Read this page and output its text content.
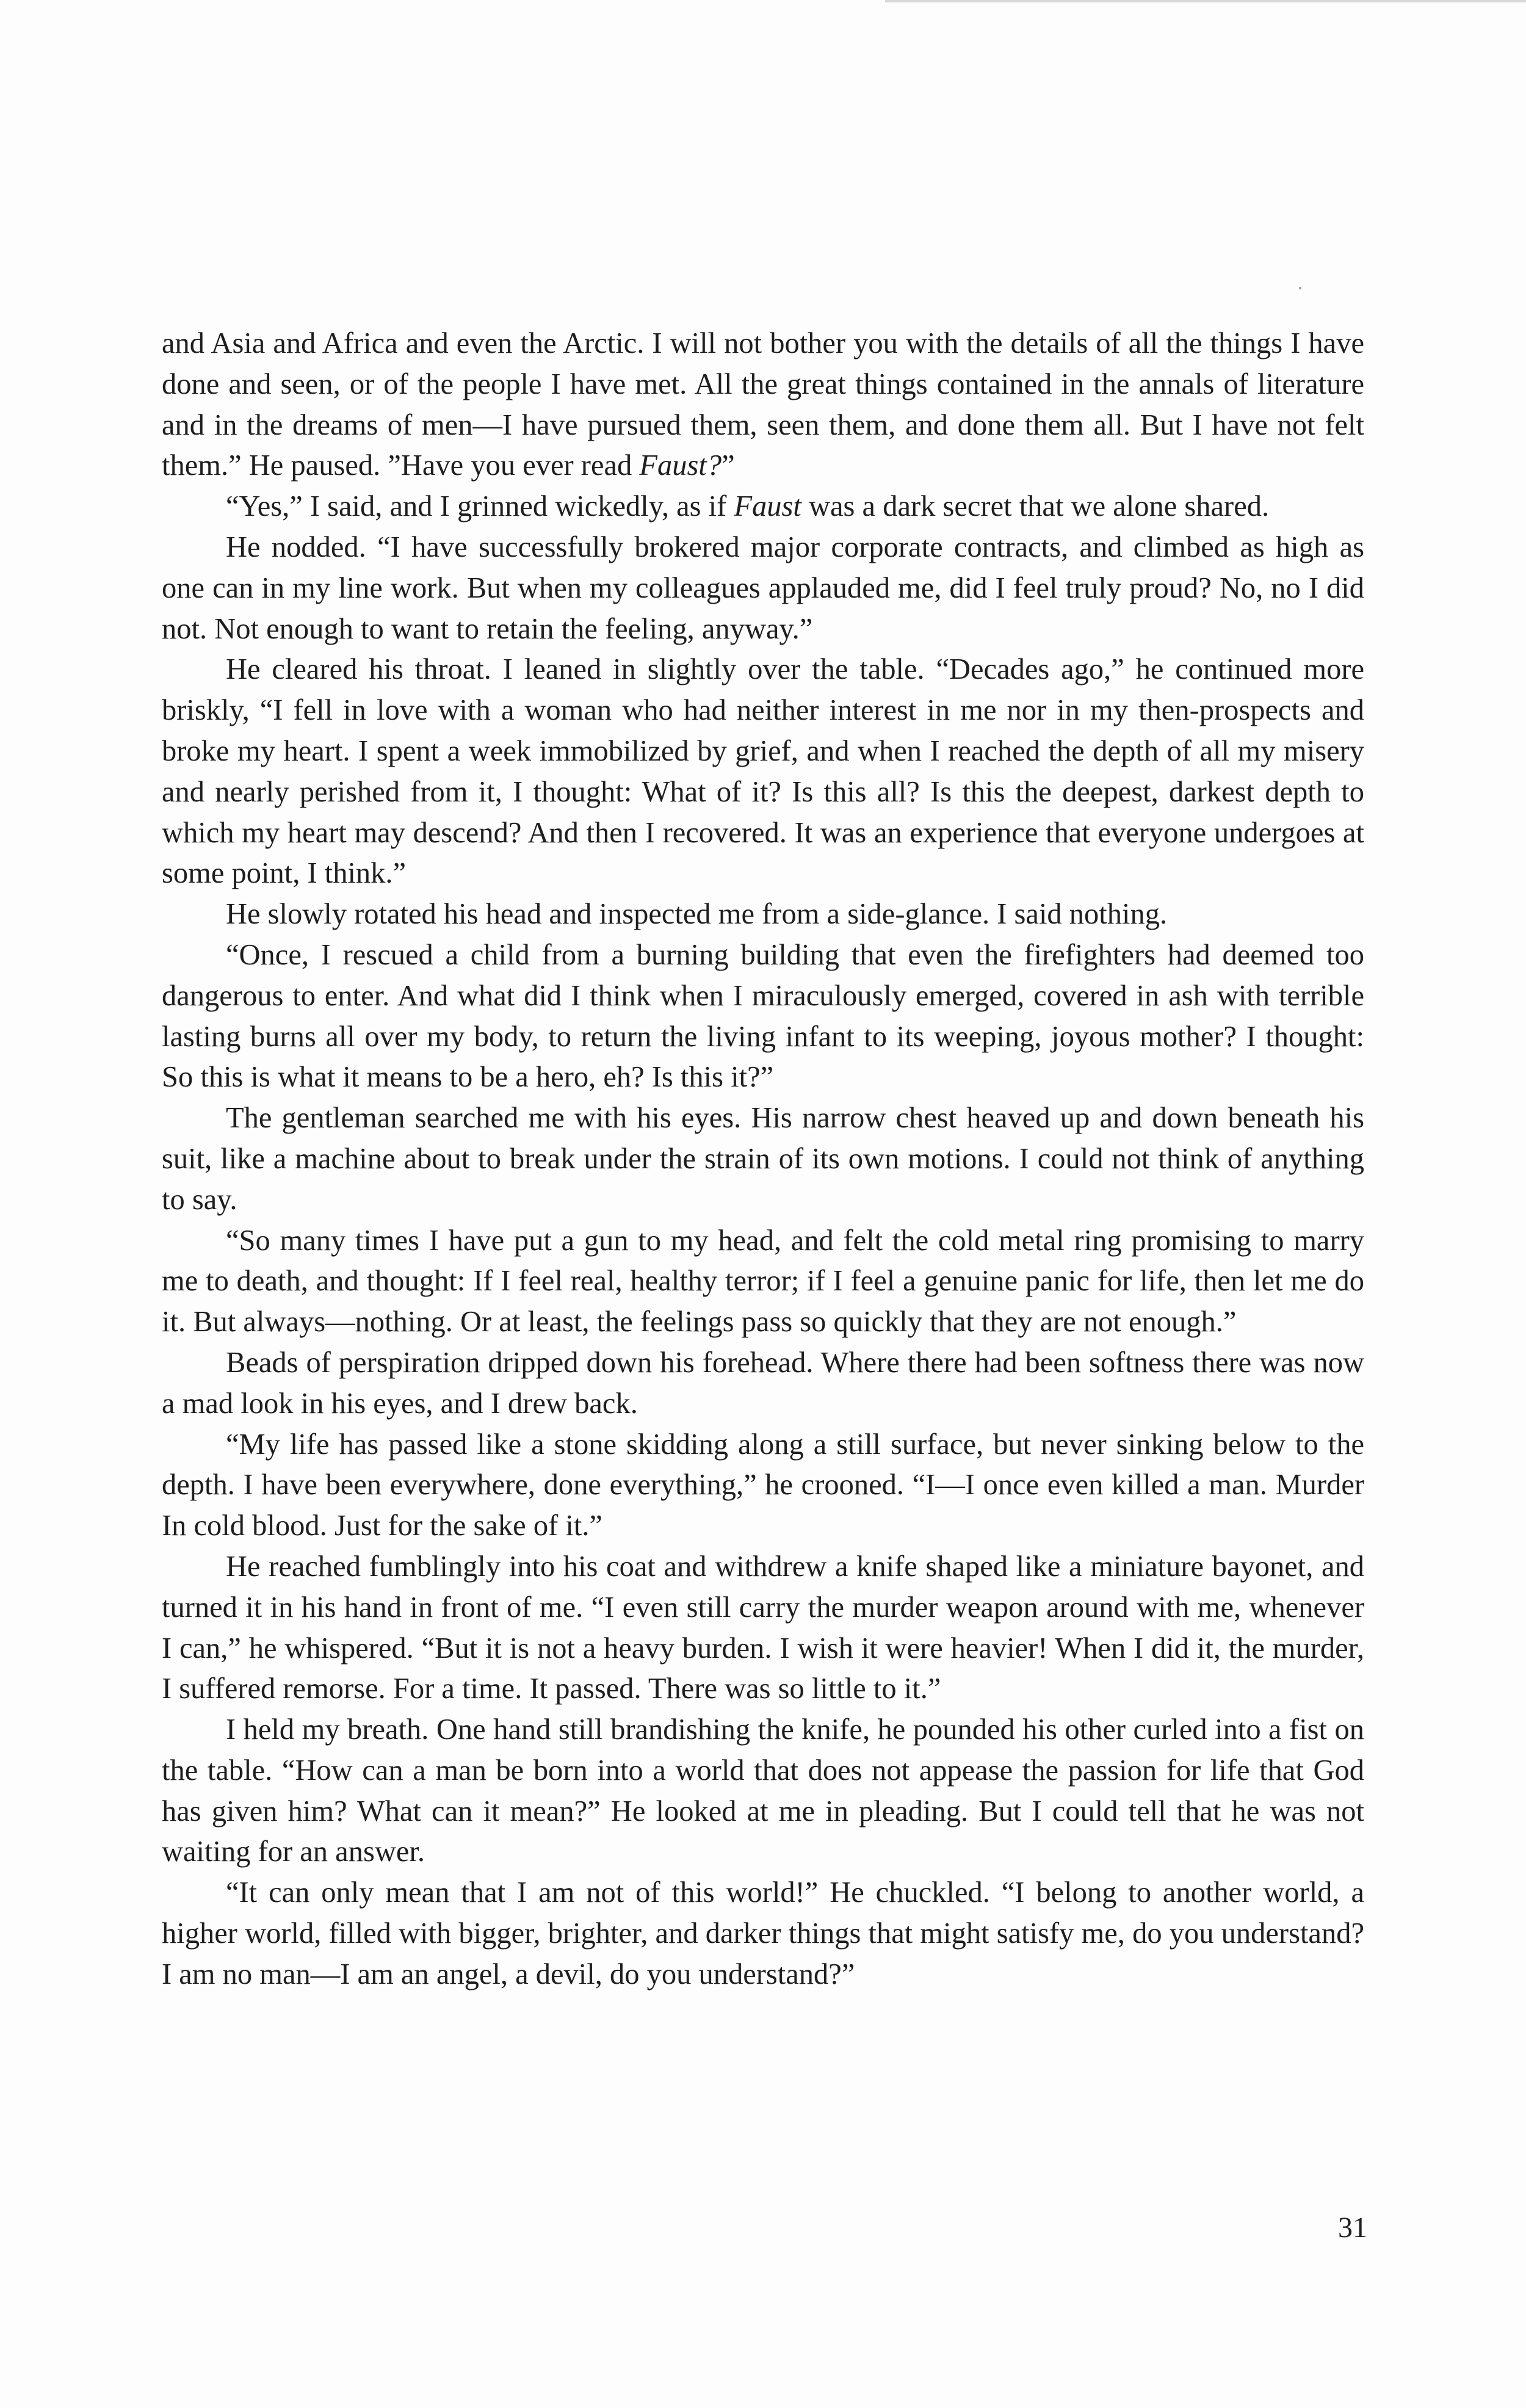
and Asia and Africa and even the Arctic. I will not bother you with the details of all the things I have done and seen, or of the people I have met. All the great things contained in the annals of literature and in the dreams of men—I have pursued them, seen them, and done them all. But I have not felt them.” He paused. ”Have you ever read Faust?”

“Yes,” I said, and I grinned wickedly, as if Faust was a dark secret that we alone shared.

He nodded. “I have successfully brokered major corporate contracts, and climbed as high as one can in my line work. But when my colleagues applauded me, did I feel truly proud? No, no I did not. Not enough to want to retain the feeling, anyway.”

He cleared his throat. I leaned in slightly over the table. “Decades ago,” he continued more briskly, “I fell in love with a woman who had neither interest in me nor in my then-prospects and broke my heart. I spent a week immobilized by grief, and when I reached the depth of all my misery and nearly perished from it, I thought: What of it? Is this all? Is this the deepest, darkest depth to which my heart may descend? And then I recovered. It was an experience that everyone undergoes at some point, I think.”

He slowly rotated his head and inspected me from a side-glance. I said nothing.

“Once, I rescued a child from a burning building that even the firefighters had deemed too dangerous to enter. And what did I think when I miraculously emerged, covered in ash with terrible lasting burns all over my body, to return the living infant to its weeping, joyous mother? I thought: So this is what it means to be a hero, eh? Is this it?”

The gentleman searched me with his eyes. His narrow chest heaved up and down beneath his suit, like a machine about to break under the strain of its own motions. I could not think of anything to say.

“So many times I have put a gun to my head, and felt the cold metal ring promising to marry me to death, and thought: If I feel real, healthy terror; if I feel a genuine panic for life, then let me do it. But always—nothing. Or at least, the feelings pass so quickly that they are not enough.”

Beads of perspiration dripped down his forehead. Where there had been softness there was now a mad look in his eyes, and I drew back.

“My life has passed like a stone skidding along a still surface, but never sinking below to the depth. I have been everywhere, done everything,” he crooned. “I—I once even killed a man. Murder In cold blood. Just for the sake of it.”

He reached fumblingly into his coat and withdrew a knife shaped like a miniature bayonet, and turned it in his hand in front of me. “I even still carry the murder weapon around with me, whenever I can,” he whispered. “But it is not a heavy burden. I wish it were heavier! When I did it, the murder, I suffered remorse. For a time. It passed. There was so little to it.”

I held my breath. One hand still brandishing the knife, he pounded his other curled into a fist on the table. “How can a man be born into a world that does not appease the passion for life that God has given him? What can it mean?” He looked at me in pleading. But I could tell that he was not waiting for an answer.

“It can only mean that I am not of this world!” He chuckled. “I belong to another world, a higher world, filled with bigger, brighter, and darker things that might satisfy me, do you understand? I am no man—I am an angel, a devil, do you understand?”

31
